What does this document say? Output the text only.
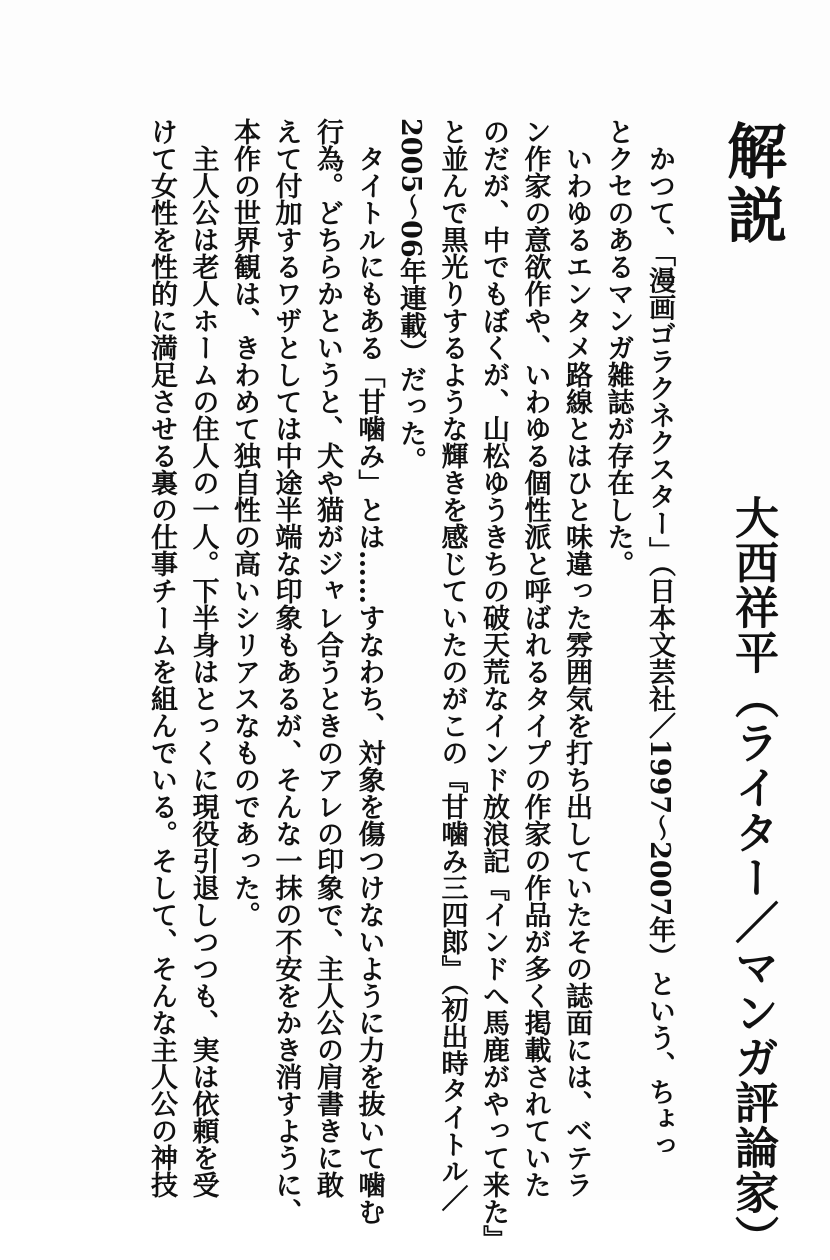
解説
大西祥平（ライター／マンガ評論家）

　かつて、「漫画ゴラクネクスター」（日本文芸社／1997〜2007年）という、ちょっ

とクセのあるマンガ雑誌が存在した。

　いわゆるエンタメ路線とはひと味違った雰囲気を打ち出していたその誌面には、ベテラ

ン作家の意欲作や、いわゆる個性派と呼ばれるタイプの作家の作品が多く掲載されていた

のだが、中でもぼくが、山松ゆうきちの破天荒なインド放浪記『インドへ馬鹿がやって来た』

と並んで黒光りするような輝きを感じていたのがこの『甘噛み三四郎』（初出時タイトル／

2005〜06年連載）だった。

　タイトルにもある「甘噛み」とは……すなわち、対象を傷つけないように力を抜いて噛む

行為。どちらかというと、犬や猫がジャレ合うときのアレの印象で、主人公の肩書きに敢

えて付加するワザとしては中途半端な印象もあるが、そんな一抹の不安をかき消すように、

本作の世界観は、きわめて独自性の高いシリアスなものであった。

　主人公は老人ホームの住人の一人。下半身はとっくに現役引退しつつも、実は依頼を受

けて女性を性的に満足させる裏の仕事チームを組んでいる。そして、そんな主人公の神技
